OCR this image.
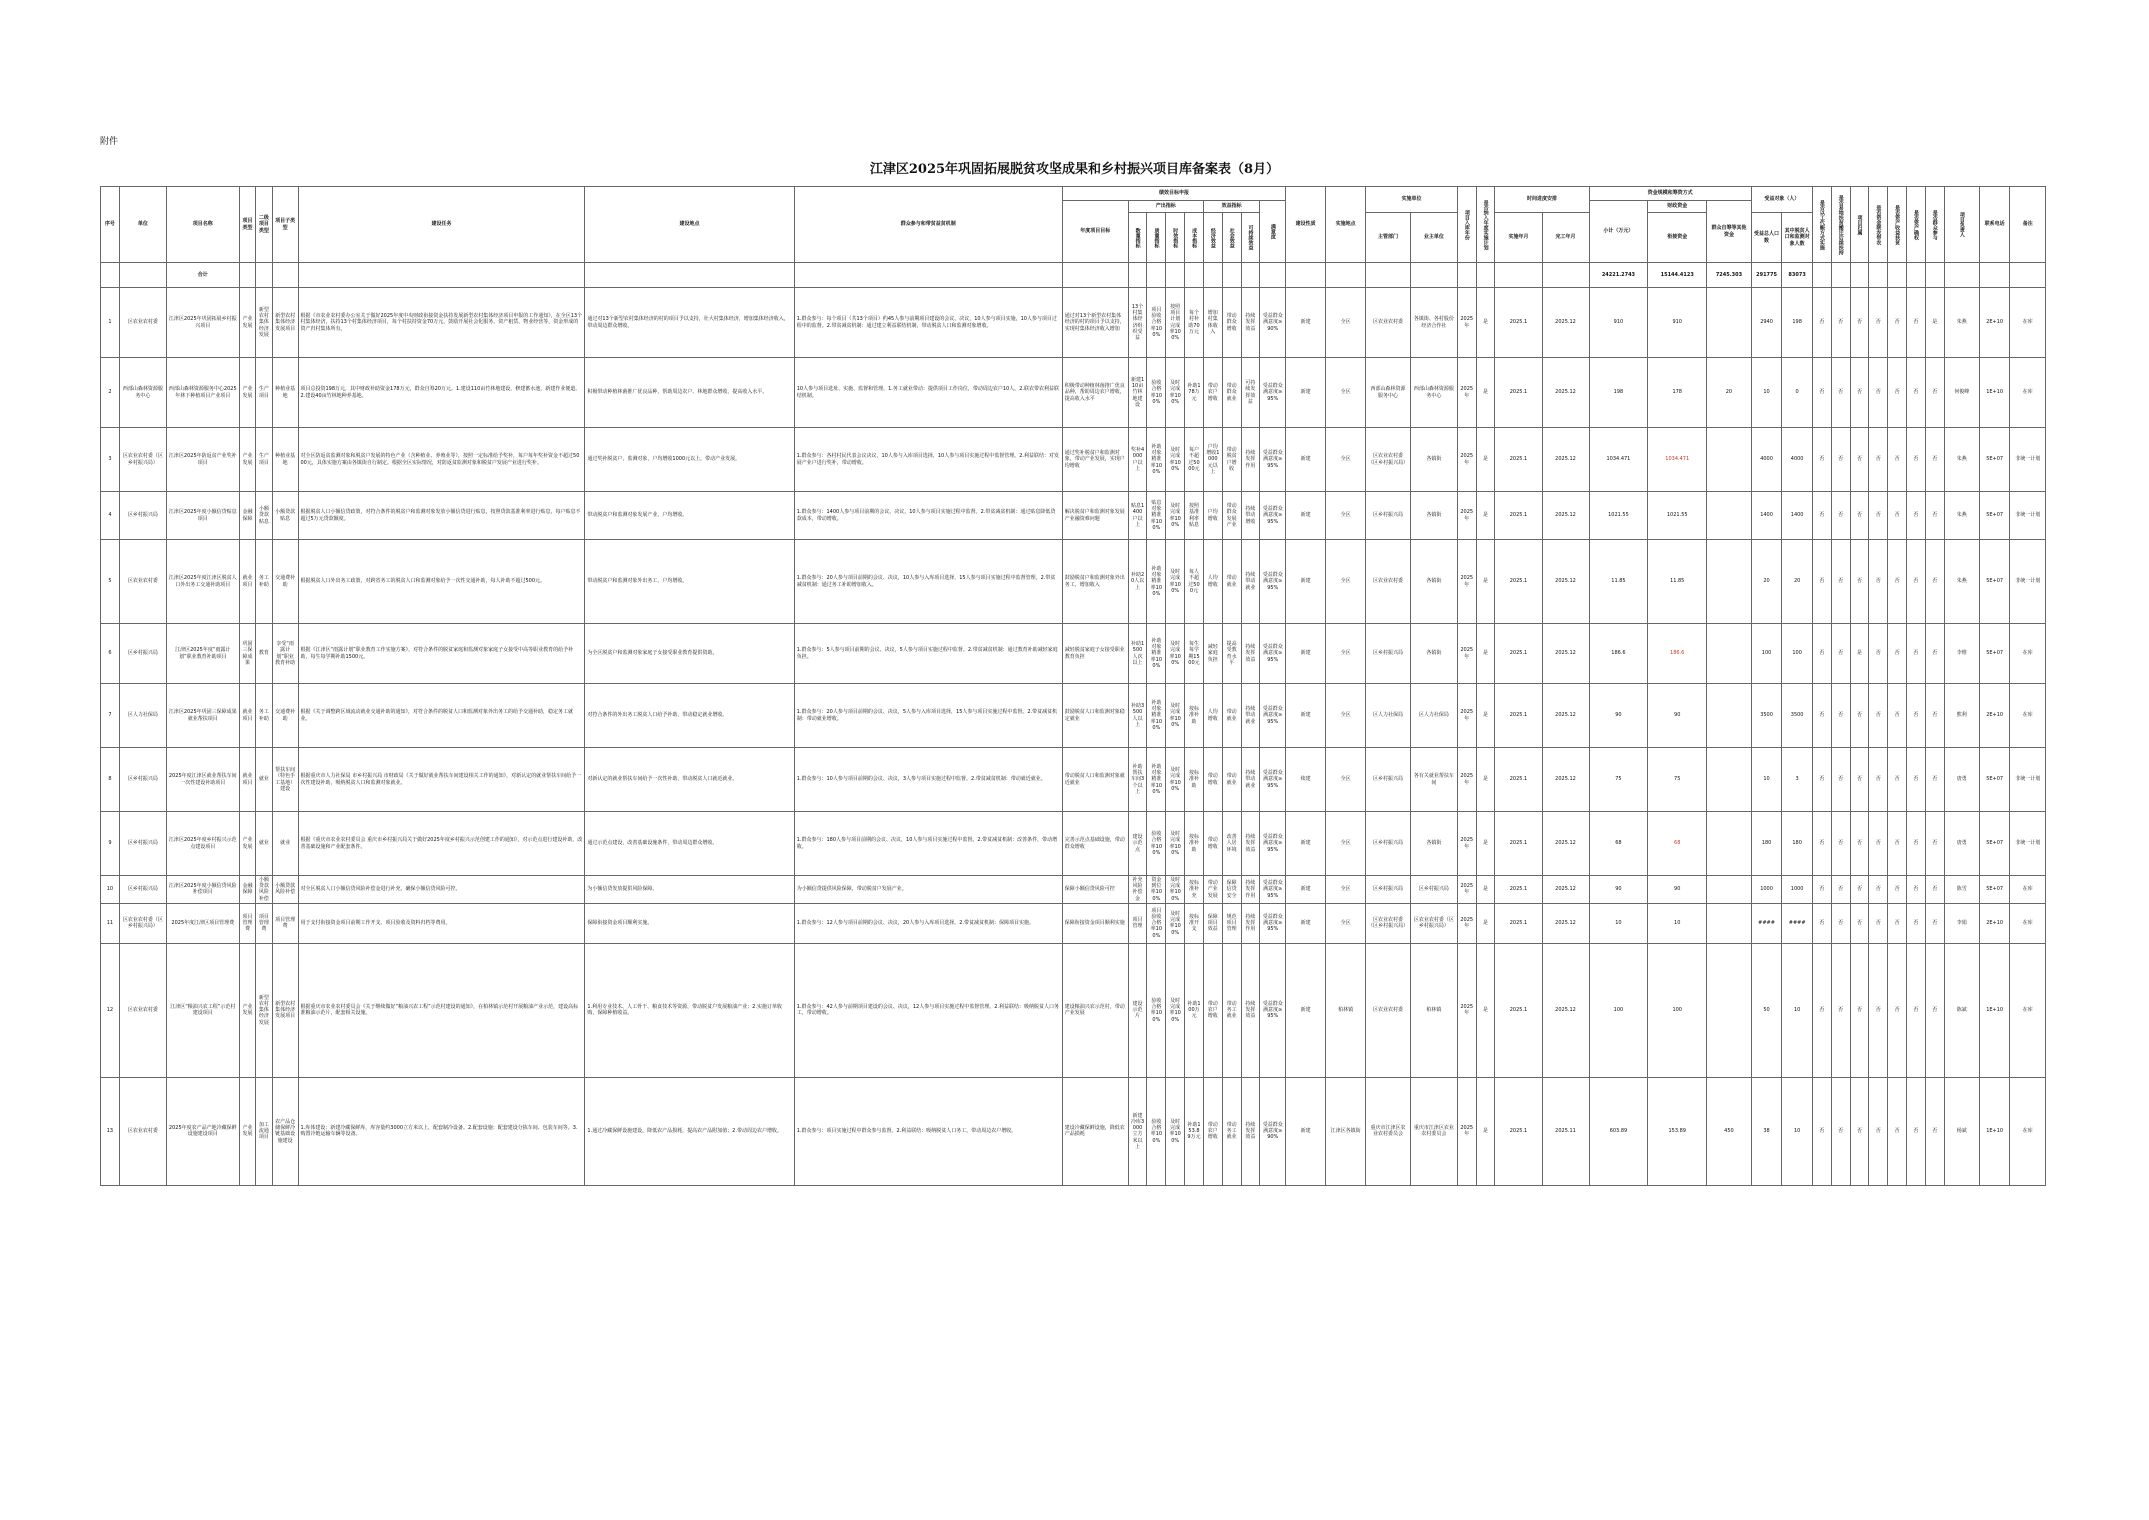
附件
江津区2025年巩固拓展脱贫攻坚成果和乡村振兴项目库备案表（8月）
序号	单位	项目名称	项目类型	二级项目类型	项目子类型	建设任务	建设地点	群众参与和带贫益贫机制	绩效目标申报									建设性质	实施地点	实施单位		项目入库年份	是否纳入年度实施计划	时间进度安排		资金规模和筹资方式			受益对象（人）		是否以工代赈方式实施	是否易地扶贫搬迁后续扶持	项目归属	是否资金联农带农	是否资产收益扶贫	是否资产确权	是否群众参与	项目负责人	联系电话	备注
									年度项目目标	产出指标				效益指标			满意度									小计（万元）	财政资金	群众自筹等其他资金												

										数量指标	质量指标	时效指标	成本指标	经济效益	社会效益	可持续效益				主管部门	业主单位			实施年月	完工年月		衔接资金		受益总人口数	其中脱贫人口和监测对象人数										
		合计																								24221.2743	15144.4123	7245.303	291775	83073										
1	区农业农村委	江津区2025年巩固拓展乡村振兴项目	产业发展	新型农村集体经济发展	新型农村集体经济发展项目	根据《市农业农村委办公室关于做好2025年度中央财政衔接资金扶持发展新型农村集体经济项目申报的工作通知》，在全区13个村集体经济，扶持13个村集体经济项目，每个村扶持资金70万元，鼓励开展社会化服务、资产租赁、物业经营等，资金形成的资产归村集体所有。	通过对13个新型农村集体经济的村的项目予以支持，壮大村集体经济，增加集体经济收入，带动周边群众增收。	1.群众参与：每个项目（共13个项目）约45人参与前期项目建设的会议、决议，10人参与项目实施，10人参与项目过程中的监督。2.带贫减贫机制：通过建立利益联结机制，带动脱贫人口和监测对象增收。	通过对13个新型农村集体经济的村的项目予以支持，实现村集体经济收入增加	13个村集体经济组织受益	项目验收合格率100%	按照项目计划完成率100%	每个村补助70万元	增加村集体收入	带动群众增收	持续发挥效益	受益群众满意度≥90%	新建	全区	区农业农村委	各镇街、各村股份经济合作社	2025年	是	2025.1	2025.12	910	910		2940	198	否	否	否	否	否	否	是	朱燕	2E+10	在库
2	西部山森林资源服务中心	西部山森林资源服务中心2025年林下种植项目产业项目	产业发展	生产项目	种植业基地	项目总投资198万元，其中财政补助资金178万元，群众自筹20万元。1.建设110亩竹林地建设，修建蓄水池，新建作业便道。2.建设40亩竹林地种养基地。	积极带动种植林菌推广优良品种，帮助周边农户、林地群众增收，提高收入水平。	10人参与项目选址、实施、监督和管理。1.务工就业带动：提供项目工作岗位，带动周边农户10人。2.联农带农利益联结机制。	积极带动种植林菌推广优良品种，帮助周边农户增收，提高收入水平	新建110亩竹林地建设	验收合格率100%	及时完成率100%	补助178万元	带动农户增收	带动群众就业	可持续发挥效益	受益群众满意度≥95%	新建	全区	西部山森林资源服务中心	西部山森林资源服务中心	2025年	是	2025.1	2025.12	198	178	20	10	0	否	否	否	否	否	否	否	何俊峰	1E+10	在库
3	区农业农村委（区乡村振兴局）	江津区2025年防返贫产业奖补项目	产业发展	生产项目	种植业基地	对全区防返贫监测对象和脱贫户发展的特色产业（含种植业、养殖业等），按照一定标准给予奖补，每户每年奖补资金不超过5000元，具体实施方案由各镇街自行制定。根据全区实际情况，对防返贫监测对象和脱贫户发展产业进行奖补。	通过奖补脱贫户，监测对象，户均增收1000元以上，带动产业发展。	1.群众参与：各村村民代表会议决议，10人参与入库项目选择，10人参与项目实施过程中监督管理。2.利益联结：对发展产业户进行奖补，带动增收。	通过奖补脱贫户和监测对象，带动产业发展，实现户均增收	奖补4000户以上	补助对象精准率100%	及时完成率100%	每户不超过5000元	户均增收1000元以上	带动脱贫户增收	持续发挥作用	受益群众满意度≥95%	新建	全区	区农业农村委（区乡村振兴局）	各镇街	2025年	是	2025.1	2025.12	1034.471	1034.471		4000	4000	否	否	否	否	否	否	否	朱燕	5E+07	非统一计划
4	区乡村振兴局	江津区2025年度小额信贷贴息项目	金融保障	小额贷款贴息	小额贷款贴息	根据脱贫人口小额信贷政策，对符合条件的脱贫户和监测对象发放小额信贷进行贴息，按照贷款基准利率进行贴息，每户贴息不超过5万元贷款额度。	带动脱贫户和监测对象发展产业，户均增收。	1.群众参与：1400人参与项目前期的会议、决议，10人参与项目实施过程中监督。2.带贫减贫机制：通过贴息降低贷款成本，带动增收。	解决脱贫户和监测对象发展产业融资难问题	贴息1400户以上	贴息对象精准率100%	及时完成率100%	按照基准利率贴息	户均增收	带动群众发展产业	持续带动增收	受益群众满意度≥95%	新建	全区	区乡村振兴局	各镇街	2025年	是	2025.1	2025.12	1021.55	1021.55		1400	1400	否	否	否	否	否	否	否	朱燕	5E+07	非统一计划
5	区农业农村委	江津区2025年度江津区脱贫人口外出务工交通补助项目	就业项目	务工补助	交通费补助	根据脱贫人口外出务工政策，对跨省务工的脱贫人口和监测对象给予一次性交通补助，每人补助不超过500元。	带动脱贫户和监测对象外出务工，户均增收。	1.群众参与：20人参与项目前期的会议、决议，10人参与入库项目选择，15人参与项目实施过程中监督管理。2.带贫减贫机制：通过务工补助增加收入。	鼓励脱贫户和监测对象外出务工，增加收入	补助20人以上	补助对象精准率100%	及时完成率100%	每人不超过500元	人均增收	带动就业	持续带动就业	受益群众满意度≥95%	新建	全区	区农业农村委	各镇街	2025年	是	2025.1	2025.12	11.85	11.85		20	20	否	否	否	否	否	否	否	朱燕	5E+07	非统一计划
6	区乡村振兴局	江津区2025年度“雨露计划”职业教育补助项目	巩固三保障成果	教育	享受“雨露计划”职业教育补助	根据《江津区“雨露计划”职业教育工作实施方案》，对符合条件的脱贫家庭和监测对象家庭子女接受中高等职业教育的给予补助，每生每学期补助1500元。	为全区脱贫户和监测对象家庭子女接受职业教育提供资助。	1.群众参与：5人参与项目前期的会议、决议，5人参与项目实施过程中监督。2.带贫减贫机制：通过教育补助减轻家庭负担。	减轻脱贫家庭子女接受职业教育负担	补助1500人次以上	补助对象精准率100%	及时完成率100%	每生每学期1500元	减轻家庭负担	提高受教育水平	持续发挥效益	受益群众满意度≥95%	新建	全区	区乡村振兴局	各镇街	2025年	是	2025.1	2025.12	186.6	186.6		100	100	否	否	是	否	否	否	否	李维	5E+07	在库
7	区人力社保局	江津区2025年巩固三保障成果就业帮扶项目	就业项目	务工补助	交通费补助	根据《关于调整跨区域流动就业交通补助的通知》，对符合条件的脱贫人口和监测对象外出务工的给予交通补助，稳定务工就业。	对符合条件的外出务工脱贫人口给予补助，带动稳定就业增收。	1.群众参与：20人参与项目前期的会议、决议，5人参与入库项目选择，15人参与项目实施过程中监督。2.带贫减贫机制：带动就业增收。	鼓励脱贫人口和监测对象稳定就业	补助3500人以上	补助对象精准率100%	及时完成率100%	按标准补助	人均增收	带动就业	持续带动就业	受益群众满意度≥95%	新建	全区	区人力社保局	区人力社保局	2025年	是	2025.1	2025.12	90	90		3500	3500	否	否	否	否	否	否	否	熊利	2E+10	在库
8	区乡村振兴局	2025年度江津区就业帮扶车间一次性建设补助项目	就业项目	就业	帮扶车间（特色手工基地）建设	根据重庆市人力社保局 市乡村振兴局 市财政局《关于做好就业帮扶车间建设相关工作的通知》，对新认定的就业帮扶车间给予一次性建设补助，吸纳脱贫人口和监测对象就业。	对新认定的就业帮扶车间给予一次性补助，带动脱贫人口就近就业。	1.群众参与：10人参与项目前期的会议、决议，3人参与项目实施过程中监督。2.带贫减贫机制：带动就近就业。	带动脱贫人口和监测对象就近就业	补助帮扶车间3个以上	补助对象精准率100%	及时完成率100%	按标准补助	带动增收	带动就业	持续带动就业	受益群众满意度≥95%	续建	全区	区乡村振兴局	各有关就业帮扶车间	2025年	是	2025.1	2025.12	75	75		10	3	否	否	否	否	否	否	否	唐勇	5E+07	非统一计划
9	区乡村振兴局	江津区2025年度乡村振兴示范点建设项目	产业发展	就业	就业	根据《重庆市农业农村委员会 重庆市乡村振兴局关于做好2025年度乡村振兴示范创建工作的通知》，对示范点进行建设补助，改善基础设施和产业配套条件。	通过示范点建设，改善基础设施条件，带动周边群众增收。	1.群众参与：180人参与项目前期的会议、决议，10人参与项目实施过程中监督。2.带贫减贫机制：改善条件，带动增收。	完善示范点基础设施，带动群众增收	建设示范点	验收合格率100%	及时完成率100%	按标准补助	带动增收	改善人居环境	持续发挥效益	受益群众满意度≥95%	新建	全区	区乡村振兴局	各镇街	2025年	是	2025.1	2025.12	68	68		180	180	否	否	否	否	否	否	否	唐勇	5E+07	非统一计划
10	区乡村振兴局	江津区2025年度小额信贷风险补偿项目	金融保障	小额贷款风险补偿	小额贷款风险补偿	对全区脱贫人口小额信贷风险补偿金进行补充，确保小额信贷风险可控。	为小额信贷发放提供风险保障。	为小额信贷提供风险保障，带动脱贫户发展产业。	保障小额信贷风险可控	补充风险补偿金	资金到位率100%	及时完成率100%	按标准补充	带动产业发展	保障信贷安全	持续发挥作用	受益群众满意度≥95%	新建	全区	区乡村振兴局	区乡村振兴局	2025年	是	2025.1	2025.12	90	90		1000	1000	否	否	否	否	否	否	否	陈雪	5E+07	在库
11	区农业农村委（区乡村振兴局）	2025年度江津区项目管理费	项目管理费	项目管理费	项目管理费	用于支付衔接资金项目前期工作开支、项目验收及资料归档等费用。	保障衔接资金项目顺利实施。	1.群众参与：12人参与项目前期的会议、决议，20人参与入库项目选择。2.带贫减贫机制：保障项目实施。	保障衔接资金项目顺利实施	项目管理	项目验收合格率100%	及时完成率100%	按标准开支	保障项目效益	规范项目管理	持续发挥作用	受益群众满意度≥95%	新建	全区	区农业农村委（区乡村振兴局）	区农业农村委（区乡村振兴局）	2025年	是	2025.1	2025.12	10	10		####	####	否	否	否	否	否	否	否	李娟	2E+10	在库
12	区农业农村委	江津区“粮油兴农工程”示范村建设项目	产业发展	新型农村集体经济发展	新型农村集体经济发展项目	根据重庆市农业农村委员会《关于继续做好“粮油兴农工程”示范村建设的通知》，在柏林镇示范村开展粮油产业示范，建设高标准粮油示范片，配套相关设施。	1.利用专业技术、人工骨干、粮食技术等资源，带动脱贫户发展粮油产业；2.实施订单收购，保障种植收益。	1.群众参与：42人参与前期项目建设的会议、决议，12人参与项目实施过程中监督管理。2.利益联结：吸纳脱贫人口务工，带动增收。	建设粮油兴农示范村，带动产业发展	建设示范片	验收合格率100%	及时完成率100%	补助100万元	带动农户增收	带动务工就业	持续发挥效益	受益群众满意度≥95%	新建	柏林镇	区农业农村委	柏林镇	2025年	是	2025.1	2025.12	100	100		50	10	否	否	否	否	否	否	否	陈斌	1E+10	在库
13	区农业农村委	2025年度农产品产地冷藏保鲜设施建设项目	产业发展	加工流通项目	农产品仓储保鲜冷链基础设施建设	1.库体建设：新建冷藏保鲜库，库容量约3000立方米以上，配套制冷设备。2.配套设施：配套建设分拣车间、包装车间等。3.购置冷链运输车辆等设备。	1.通过冷藏保鲜设施建设，降低农产品损耗，提高农产品附加值；2.带动周边农户增收。	1.群众参与：项目实施过程中群众参与监督。2.利益联结：吸纳脱贫人口务工，带动周边农户增收。	建设冷藏保鲜设施，降低农产品损耗	新建冷库3000立方米以上	验收合格率100%	及时完成率100%	补助153.89万元	带动农户增收	带动务工就业	持续发挥效益	受益群众满意度≥90%	新建	江津区各镇街	重庆市江津区农业农村委员会	重庆市江津区农业农村委员会	2025年	是	2025.1	2025.11	603.89	153.89	450	38	10	否	否	否	否	否	否	否	杨斌	1E+10	在库
